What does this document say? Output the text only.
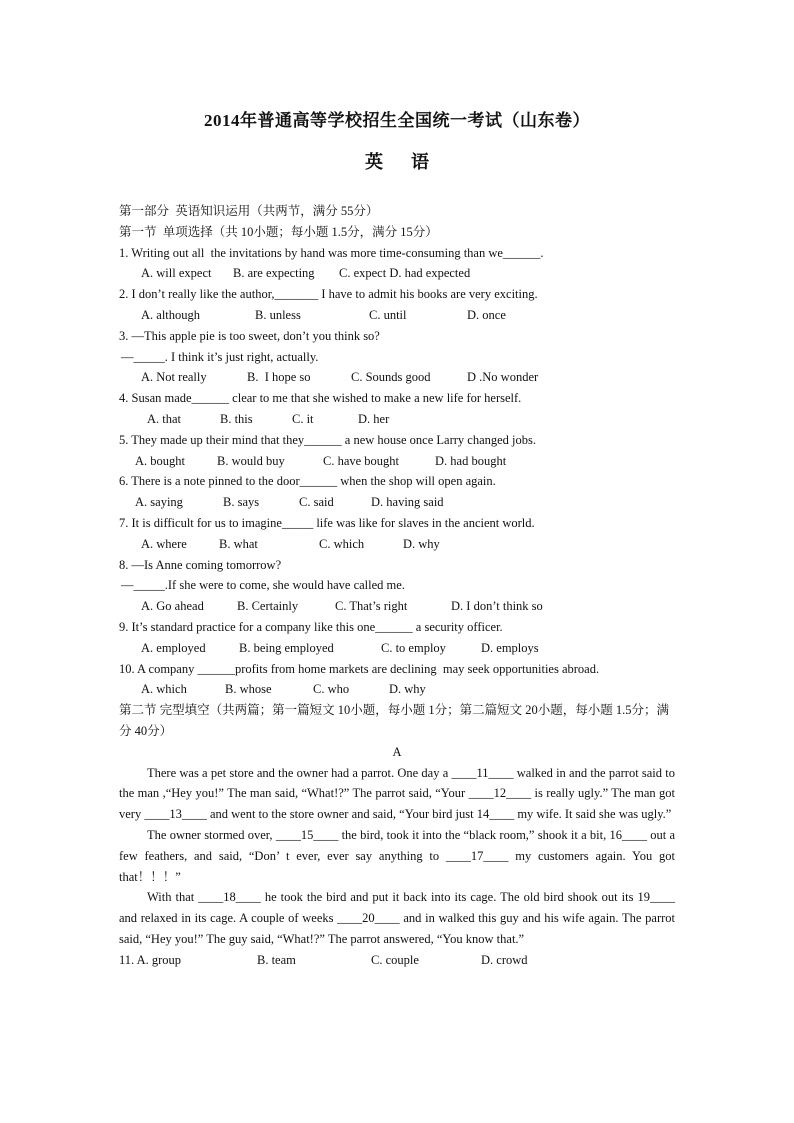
2014年普通高等学校招生全国统一考试（山东卷）
英语
第一部分  英语知识运用（共两节，满分 55分）
第一节  单项选择（共 10小题；每小题 1.5分，满分 15分）
1. Writing out all  the invitations by hand was more time-consuming than we______.
A. will expect	B. are expecting	C. expect D. had expected
2. I don’t really like the author,_______ I have to admit his books are very exciting.
A. although	B. unless	C. until	D. once
3. —This apple pie is too sweet, don’t you think so?
—_____. I think it’s just right, actually.
A. Not really	B.  I hope so	C. Sounds good	D .No wonder
4. Susan made______ clear to me that she wished to make a new life for herself.
A. that	B. this	C. it	D. her
5. They made up their mind that they______ a new house once Larry changed jobs.
A. bought	B. would buy	C. have bought	D. had bought
6. There is a note pinned to the door______ when the shop will open again.
A. saying	B. says	C. said	D. having said
7. It is difficult for us to imagine_____ life was like for slaves in the ancient world.
A. where	B. what	C. which	D. why
8. —Is Anne coming tomorrow?
—_____.If she were to come, she would have called me.
A. Go ahead	B. Certainly	C. That’s right	D. I don’t think so
9. It’s standard practice for a company like this one______ a security officer.
A. employed	B. being employed	C. to employ	D. employs
10. A company ______profits from home markets are declining  may seek opportunities abroad.
A. which	B. whose	C. who	D. why
第二节 完型填空（共两篇；第一篇短文 10小题，每小题 1分；第二篇短文 20小题，每小题 1.5分；满分 40分）
A
There was a pet store and the owner had a parrot. One day a ____11____ walked in and the parrot said to the man ,“Hey you!” The man said, “What!?” The parrot said, “Your ____12____ is really ugly.” The man got very ____13____ and went to the store owner and said, “Your bird just 14____ my wife. It said she was ugly.”
The owner stormed over, ____15____ the bird, took it into the “black room,” shook it a bit, 16____ out a few feathers, and said, “Don’ t ever, ever say anything to ____17____ my customers again. You got that！！！”
With that ____18____ he took the bird and put it back into its cage. The old bird shook out its 19____ and relaxed in its cage. A couple of weeks ____20____ and in walked this guy and his wife again. The parrot said, “Hey you!” The guy said, “What!?” The parrot answered, “You know that.”
11. A. group	B. team	C. couple	D. crowd
